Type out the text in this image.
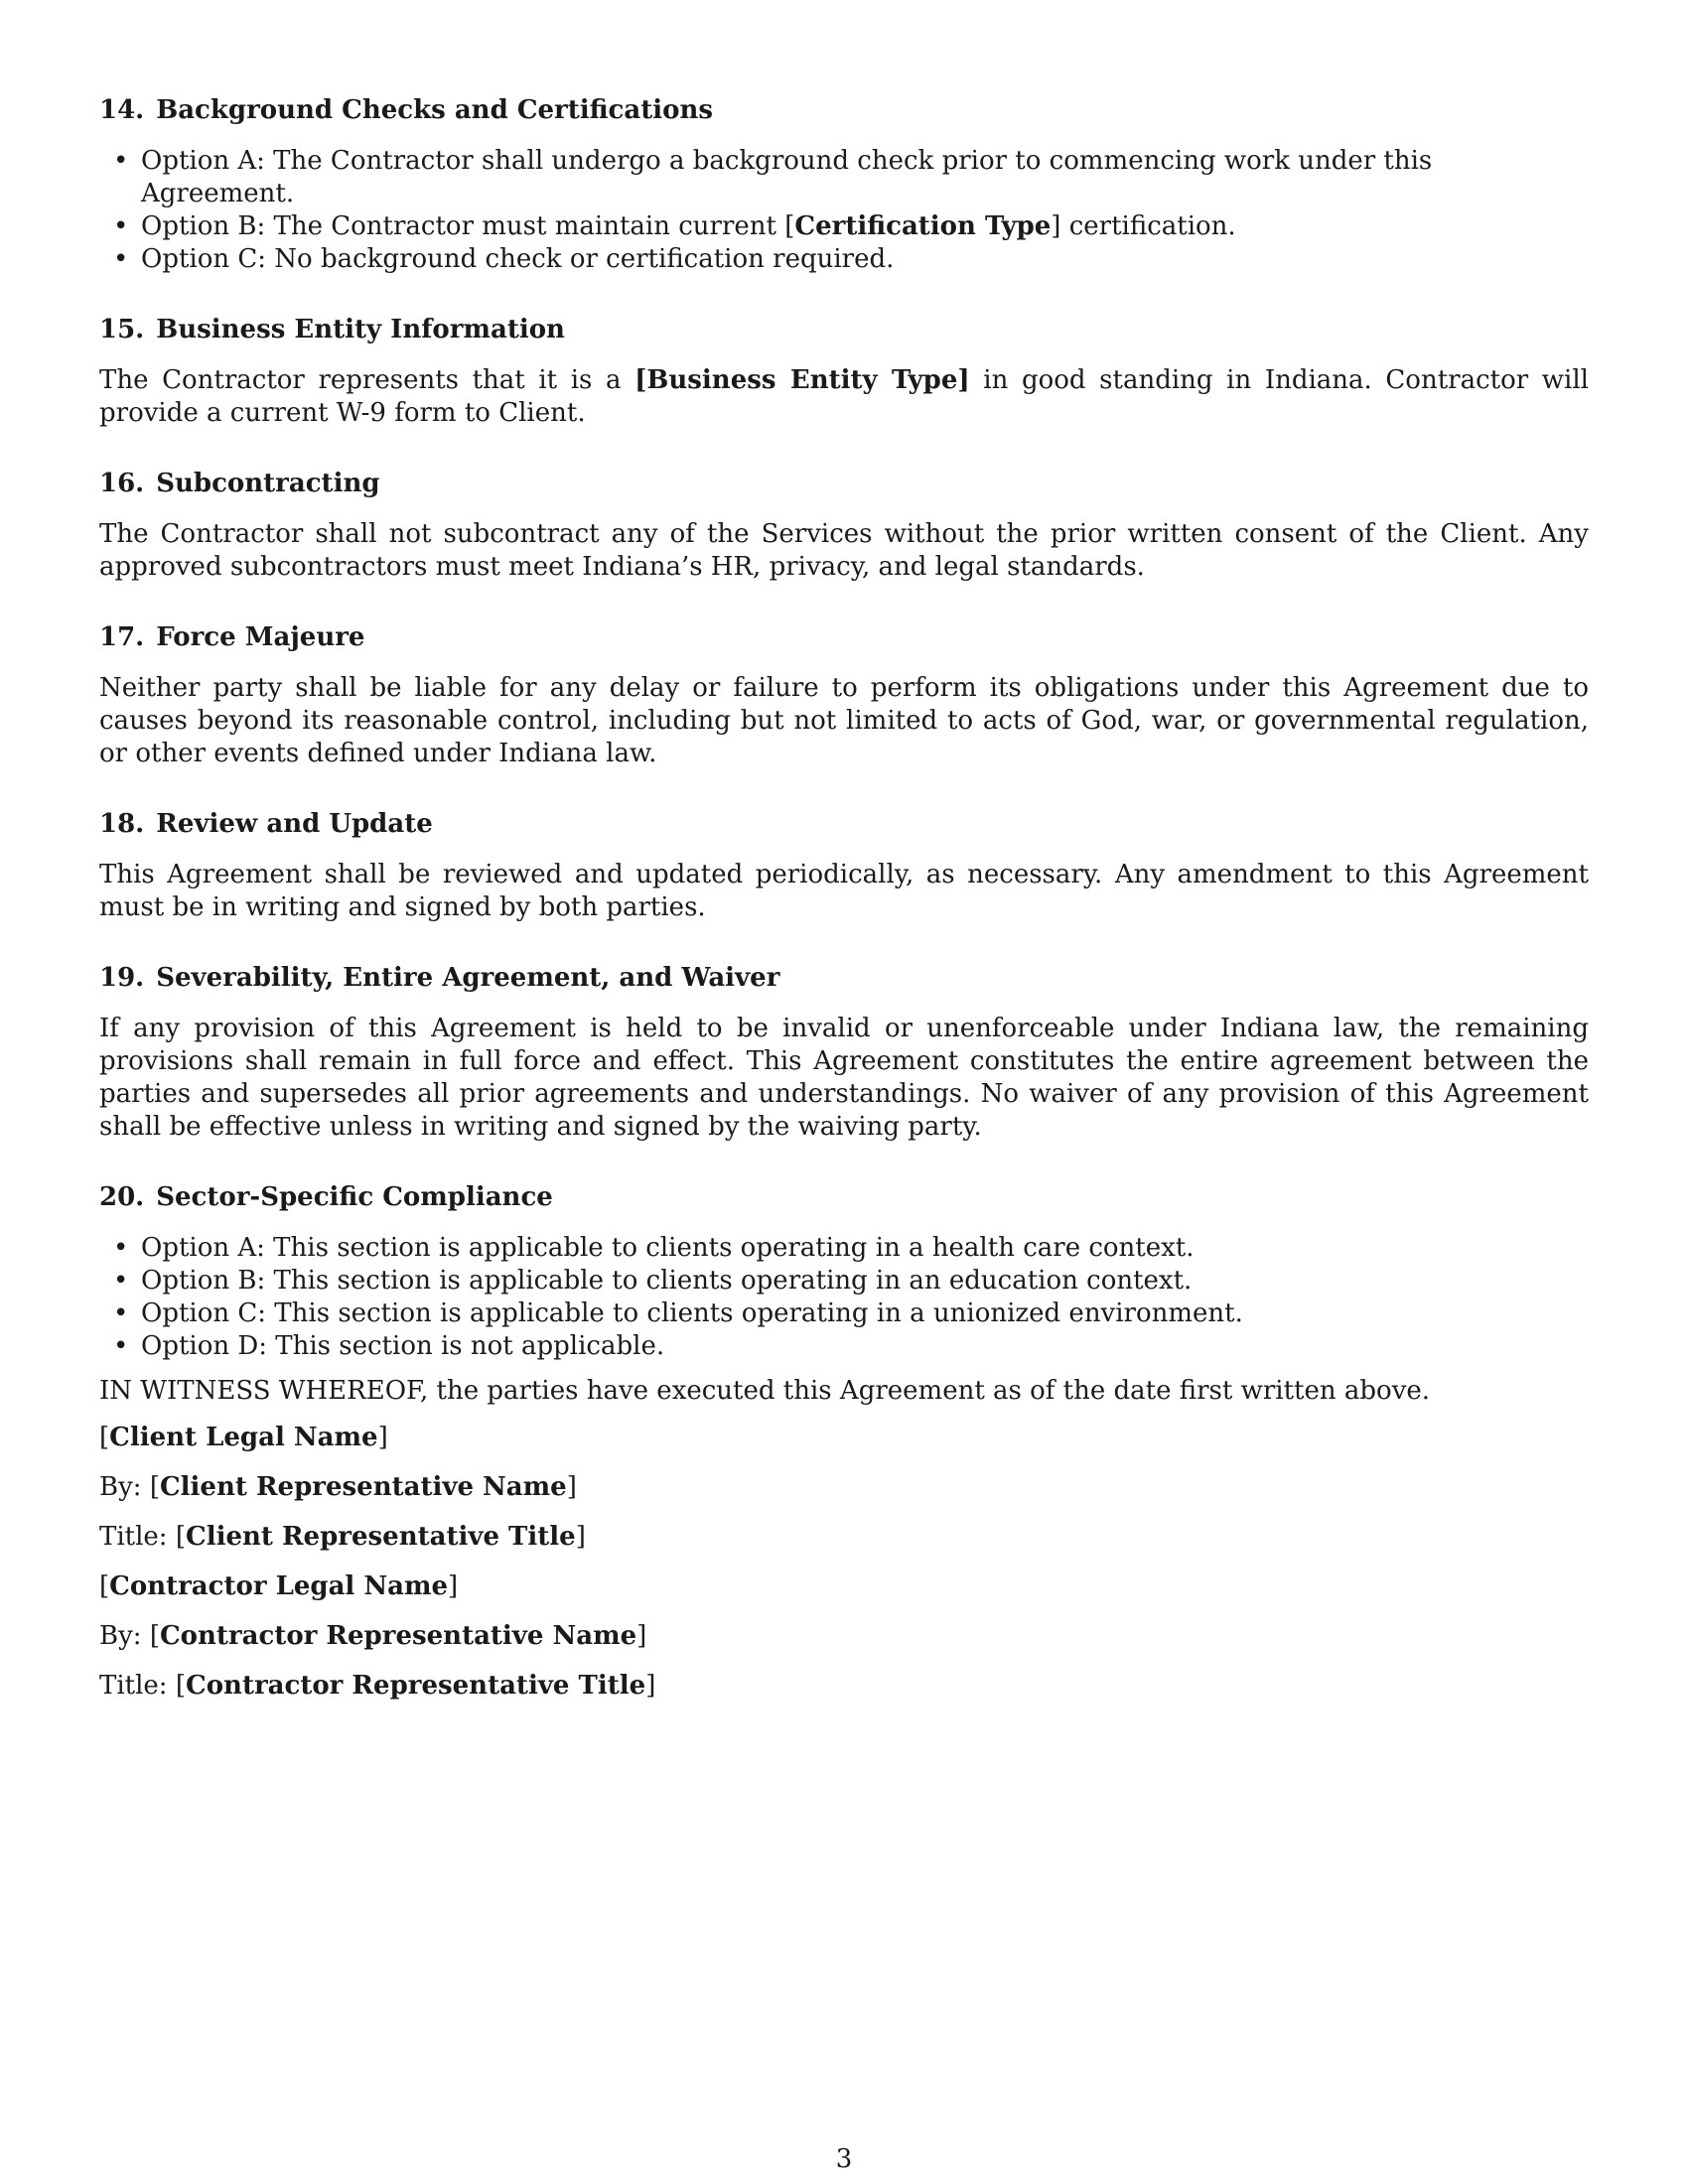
14. Background Checks and Certifications
• Option A: The Contractor shall undergo a background check prior to commencing work under this Agreement.
• Option B: The Contractor must maintain current [Certification Type] certification.
• Option C: No background check or certification required.
15. Business Entity Information

The Contractor represents that it is a [Business Entity Type] in good standing in Indiana. Contractor will provide a current W-9 form to Client.

16. Subcontracting

The Contractor shall not subcontract any of the Services without the prior written consent of the Client. Any approved subcontractors must meet Indiana’s HR, privacy, and legal standards.

17. Force Majeure

Neither party shall be liable for any delay or failure to perform its obligations under this Agreement due to causes beyond its reasonable control, including but not limited to acts of God, war, or governmental regulation, or other events defined under Indiana law.

18. Review and Update

This Agreement shall be reviewed and updated periodically, as necessary. Any amendment to this Agreement must be in writing and signed by both parties.

19. Severability, Entire Agreement, and Waiver

If any provision of this Agreement is held to be invalid or unenforceable under Indiana law, the remaining provisions shall remain in full force and effect. This Agreement constitutes the entire agreement between the parties and supersedes all prior agreements and understandings. No waiver of any provision of this Agreement shall be effective unless in writing and signed by the waiving party.

20. Sector-Specific Compliance
• Option A: This section is applicable to clients operating in a health care context.
• Option B: This section is applicable to clients operating in an education context.
• Option C: This section is applicable to clients operating in a unionized environment.
• Option D: This section is not applicable.

IN WITNESS WHEREOF, the parties have executed this Agreement as of the date first written above.

[Client Legal Name]

By: [Client Representative Name]

Title: [Client Representative Title]

[Contractor Legal Name]

By: [Contractor Representative Name]

Title: [Contractor Representative Title]

3
